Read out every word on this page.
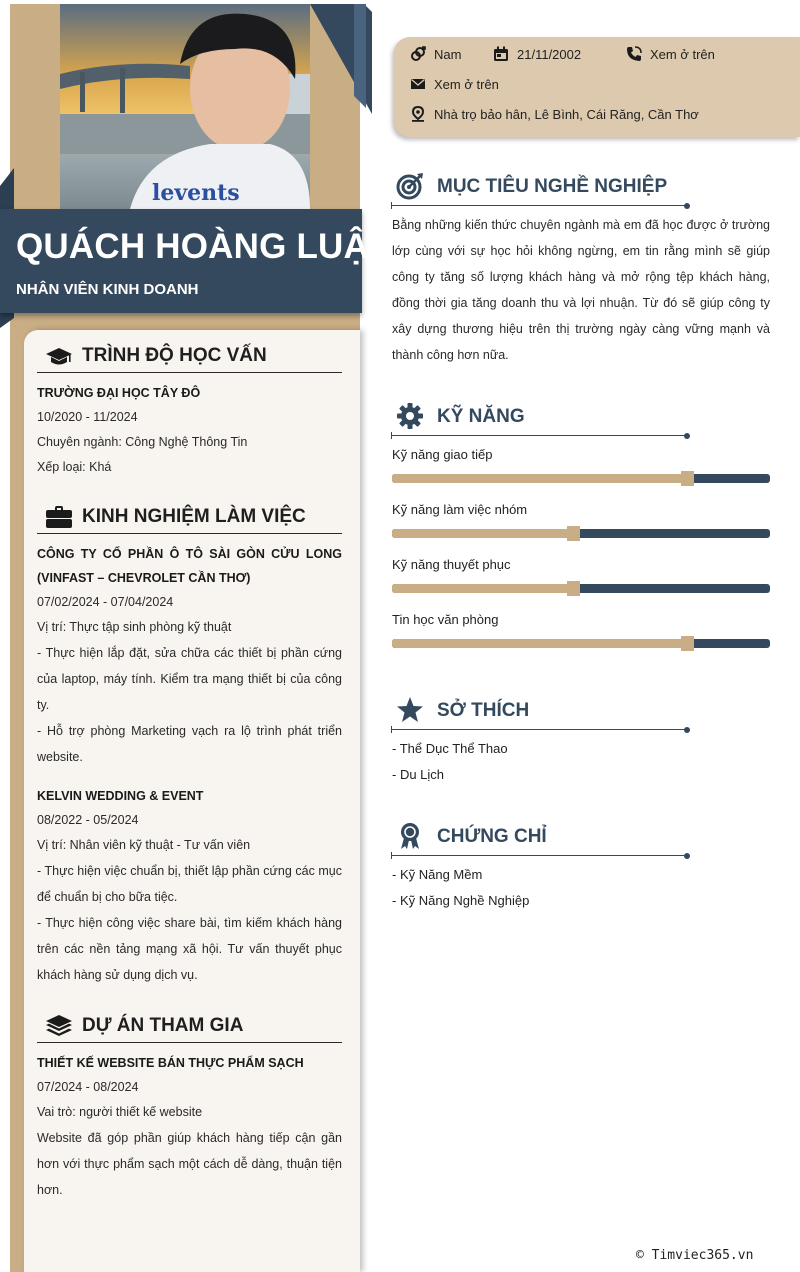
levents
QUÁCH HOÀNG LUẬN
NHÂN VIÊN KINH DOANH
TRÌNH ĐỘ HỌC VẤN
TRƯỜNG ĐẠI HỌC TÂY ĐÔ
10/2020 - 11/2024
Chuyên ngành: Công Nghệ Thông Tin
Xếp loại: Khá
KINH NGHIỆM LÀM VIỆC
CÔNG TY CỔ PHẦN Ô TÔ SÀI GÒN CỬU LONG (VINFAST – CHEVROLET CẦN THƠ)
07/02/2024 - 07/04/2024
Vị trí: Thực tập sinh phòng kỹ thuật
- Thực hiện lắp đặt, sửa chữa các thiết bị phần cứng của laptop, máy tính. Kiểm tra mạng thiết bị của công ty.
- Hỗ trợ phòng Marketing vạch ra lộ trình phát triển website.
KELVIN WEDDING & EVENT
08/2022 - 05/2024
Vị trí: Nhân viên kỹ thuật - Tư vấn viên
- Thực hiện việc chuẩn bị, thiết lập phần cứng các mục để chuẩn bị cho bữa tiệc.
- Thực hiện công việc share bài, tìm kiếm khách hàng trên các nền tảng mạng xã hội. Tư vấn thuyết phục khách hàng sử dụng dịch vụ.
DỰ ÁN THAM GIA
THIẾT KẾ WEBSITE BÁN THỰC PHẨM SẠCH
07/2024 - 08/2024
Vai trò: người thiết kế website
Website đã góp phần giúp khách hàng tiếp cận gần hơn với thực phẩm sạch một cách dễ dàng, thuận tiện hơn.
Nam	21/11/2002	Xem ở trên
Xem ở trên
Nhà trọ bảo hân, Lê Bình, Cái Răng, Cần Thơ
MỤC TIÊU NGHỀ NGHIỆP
Bằng những kiến thức chuyên ngành mà em đã học được ở trường lớp cùng với sự học hỏi không ngừng, em tin rằng mình sẽ giúp công ty tăng số lượng khách hàng và mở rộng tệp khách hàng, đồng thời gia tăng doanh thu và lợi nhuận. Từ đó sẽ giúp công ty xây dựng thương hiệu trên thị trường ngày càng vững mạnh và thành công hơn nữa.
KỸ NĂNG
Kỹ năng giao tiếp
Kỹ năng làm việc nhóm
Kỹ năng thuyết phục
Tin học văn phòng
SỞ THÍCH
- Thể Dục Thể Thao
- Du Lịch
CHỨNG CHỈ
- Kỹ Năng Mềm
- Kỹ Năng Nghề Nghiệp
© Timviec365.vn
